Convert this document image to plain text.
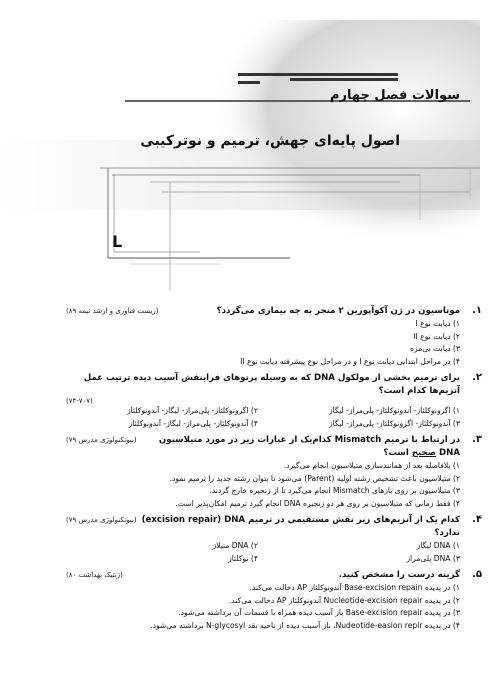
سوالات فصل چهارم
اصول پایه‌ای جهش، ترمیم و نوترکیبی
L
۱.
موتاسیون در ژن آکوآپورین ۲ منجر به چه بیماری می‌گردد؟
(زیست فناوری و ارشد نیمه ۸۹)
۱) دیابت نوع I
۲) دیابت نوع II
۳) دیابت بی‌مزه
۴) در مراحل ابتدایی دیابت نوع I و در مراحل نوع پیشرفته دیابت نوع II
۲.
برای ترمیم بخشی از مولکول DNA که به وسیله پرتوهای فرابنفش آسیب دیده ترتیب عمل آنزیم‌ها کدام است؟
(۷۴-۷۰۷)
۱) اگزونوکلئاز- آندونوکلئاز- پلی‌مراز- لیگاز
۲) اگزونوکلئاز- پلی‌مراز- لیگاز- آندونوکلئاز
۳) آندونوکلئاز- اگزونوکلئاز- پلی‌مراز- لیگاز
۴) آندونوکلئاز- پلی‌مراز- لیگاز- آندونوکلئاز
۳.
در ارتباط با ترمیم Mismatch کدام‌یک از عبارات زیر در مورد متیلاسیون DNA صحیح است؟
(بیوتکنولوژی مدرس ۷۹)
۱) بلافاصله بعد از همانندسازی متیلاسیون انجام می‌گیرد.
۲) متیلاسیون باعث تشخیص رشته اولیه (Parent) می‌شود تا بتوان رشته جدید را ترمیم نمود.
۳) متیلاسیون بر روی بازهای Mismatch انجام می‌گیرد تا از زنجیره خارج گردند.
۴) فقط زمانی که متیلاسیون بر روی هر دو زنجیره DNA انجام گیرد ترمیم امکان‌پذیر است.
۴.
کدام یک از آنزیم‌های زیر نقش مستقیمی در ترمیم excision repair) DNA) ندارد؟
(بیوتکنولوژی مدرس ۷۹)
۱) DNA لیگاز
۲) DNA متیلاز
۳) DNA پلی‌مراز
۴) نوکلئاز
۵.
گزینه درست را مشخص کنید.
(ژنتیک بهداشت ۸۰)
۱) در پدیده Base-excision repain آندونوکلئاز AP دخالت می‌کند.
۲) در پدیده Nucleotide-excision repair آندونوکلئاز AP دخالت می‌کند.
۳) در پدیده Base-excision repair باز آسیب دیده همراه با قسمات آن برداشته می‌شود.
۴) در پدیده Nudeotide-easion repir، باز آسیب دیده از ناحیه بقد N-glycosyl برداشته می‌شود.
